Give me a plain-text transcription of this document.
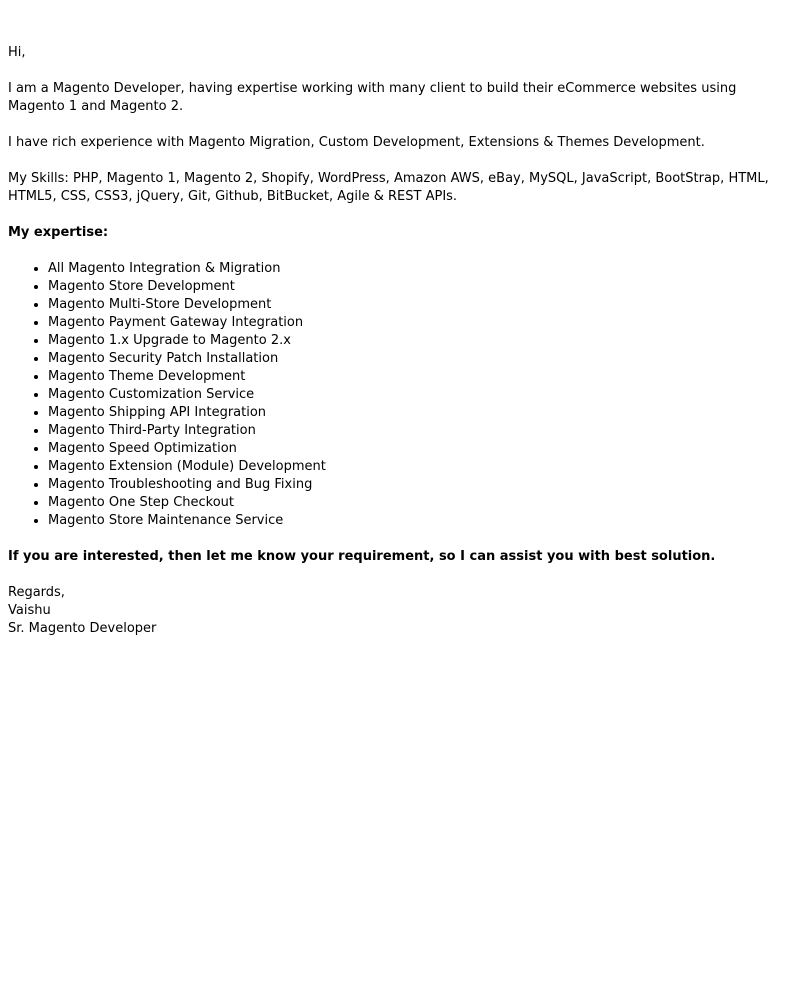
Hi,

I am a Magento Developer, having expertise working with many client to build their eCommerce websites using Magento 1 and Magento 2.

I have rich experience with Magento Migration, Custom Development, Extensions & Themes Development.

My Skills: PHP, Magento 1, Magento 2, Shopify, WordPress, Amazon AWS, eBay, MySQL, JavaScript, BootStrap, HTML, HTML5, CSS, CSS3, jQuery, Git, Github, BitBucket, Agile & REST APIs.

My expertise:

• All Magento Integration & Migration
• Magento Store Development
• Magento Multi-Store Development
• Magento Payment Gateway Integration
• Magento 1.x Upgrade to Magento 2.x
• Magento Security Patch Installation
• Magento Theme Development
• Magento Customization Service
• Magento Shipping API Integration
• Magento Third-Party Integration
• Magento Speed Optimization
• Magento Extension (Module) Development
• Magento Troubleshooting and Bug Fixing
• Magento One Step Checkout
• Magento Store Maintenance Service

If you are interested, then let me know your requirement, so I can assist you with best solution.

Regards,
Vaishu
Sr. Magento Developer
